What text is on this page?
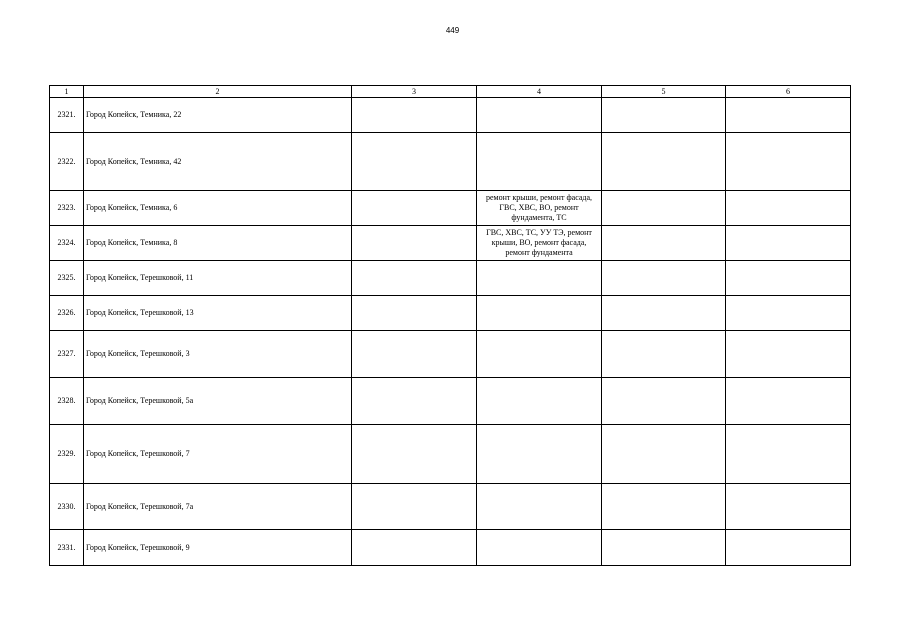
449
1	2	3	4	5	6
2321.	Город Копейск, Темника, 22				
2322.	Город Копейск, Темника, 42				
2323.	Город Копейск, Темника, 6		ремонт крыши, ремонт фасада, ГВС, ХВС, ВО, ремонт фундамента, ТС		
2324.	Город Копейск, Темника, 8		ГВС, ХВС, ТС, УУ ТЭ, ремонт крыши, ВО, ремонт фасада, ремонт фундамента		
2325.	Город Копейск, Терешковой, 11				
2326.	Город Копейск, Терешковой, 13				
2327.	Город Копейск, Терешковой, 3				
2328.	Город Копейск, Терешковой, 5а				
2329.	Город Копейск, Терешковой, 7				
2330.	Город Копейск, Терешковой, 7а				
2331.	Город Копейск, Терешковой, 9				
